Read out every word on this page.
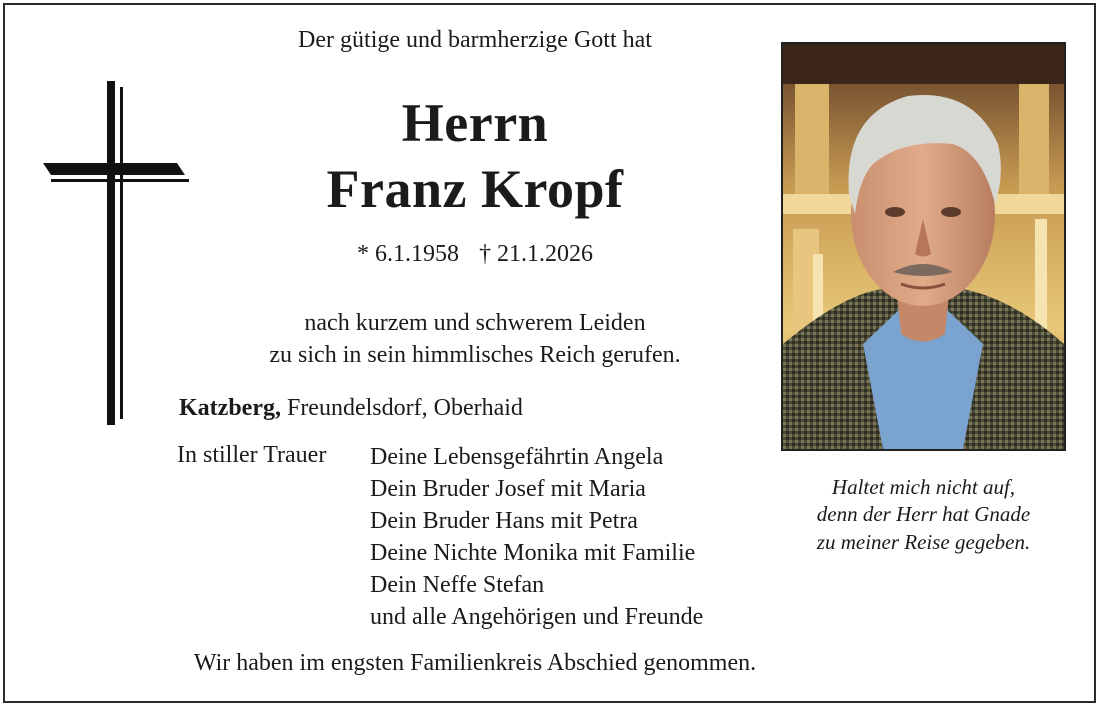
Der gütige und barmherzige Gott hat
Herrn
Franz Kropf
* 6.1.1958 † 21.1.2026
nach kurzem und schwerem Leiden
zu sich in sein himmlisches Reich gerufen.
Katzberg, Freundelsdorf, Oberhaid
In stiller Trauer Deine Lebensgefährtin Angela
Dein Bruder Josef mit Maria
Dein Bruder Hans mit Petra
Deine Nichte Monika mit Familie
Dein Neffe Stefan
und alle Angehörigen und Freunde
Wir haben im engsten Familienkreis Abschied genommen.
Haltet mich nicht auf,
denn der Herr hat Gnade
zu meiner Reise gegeben.
